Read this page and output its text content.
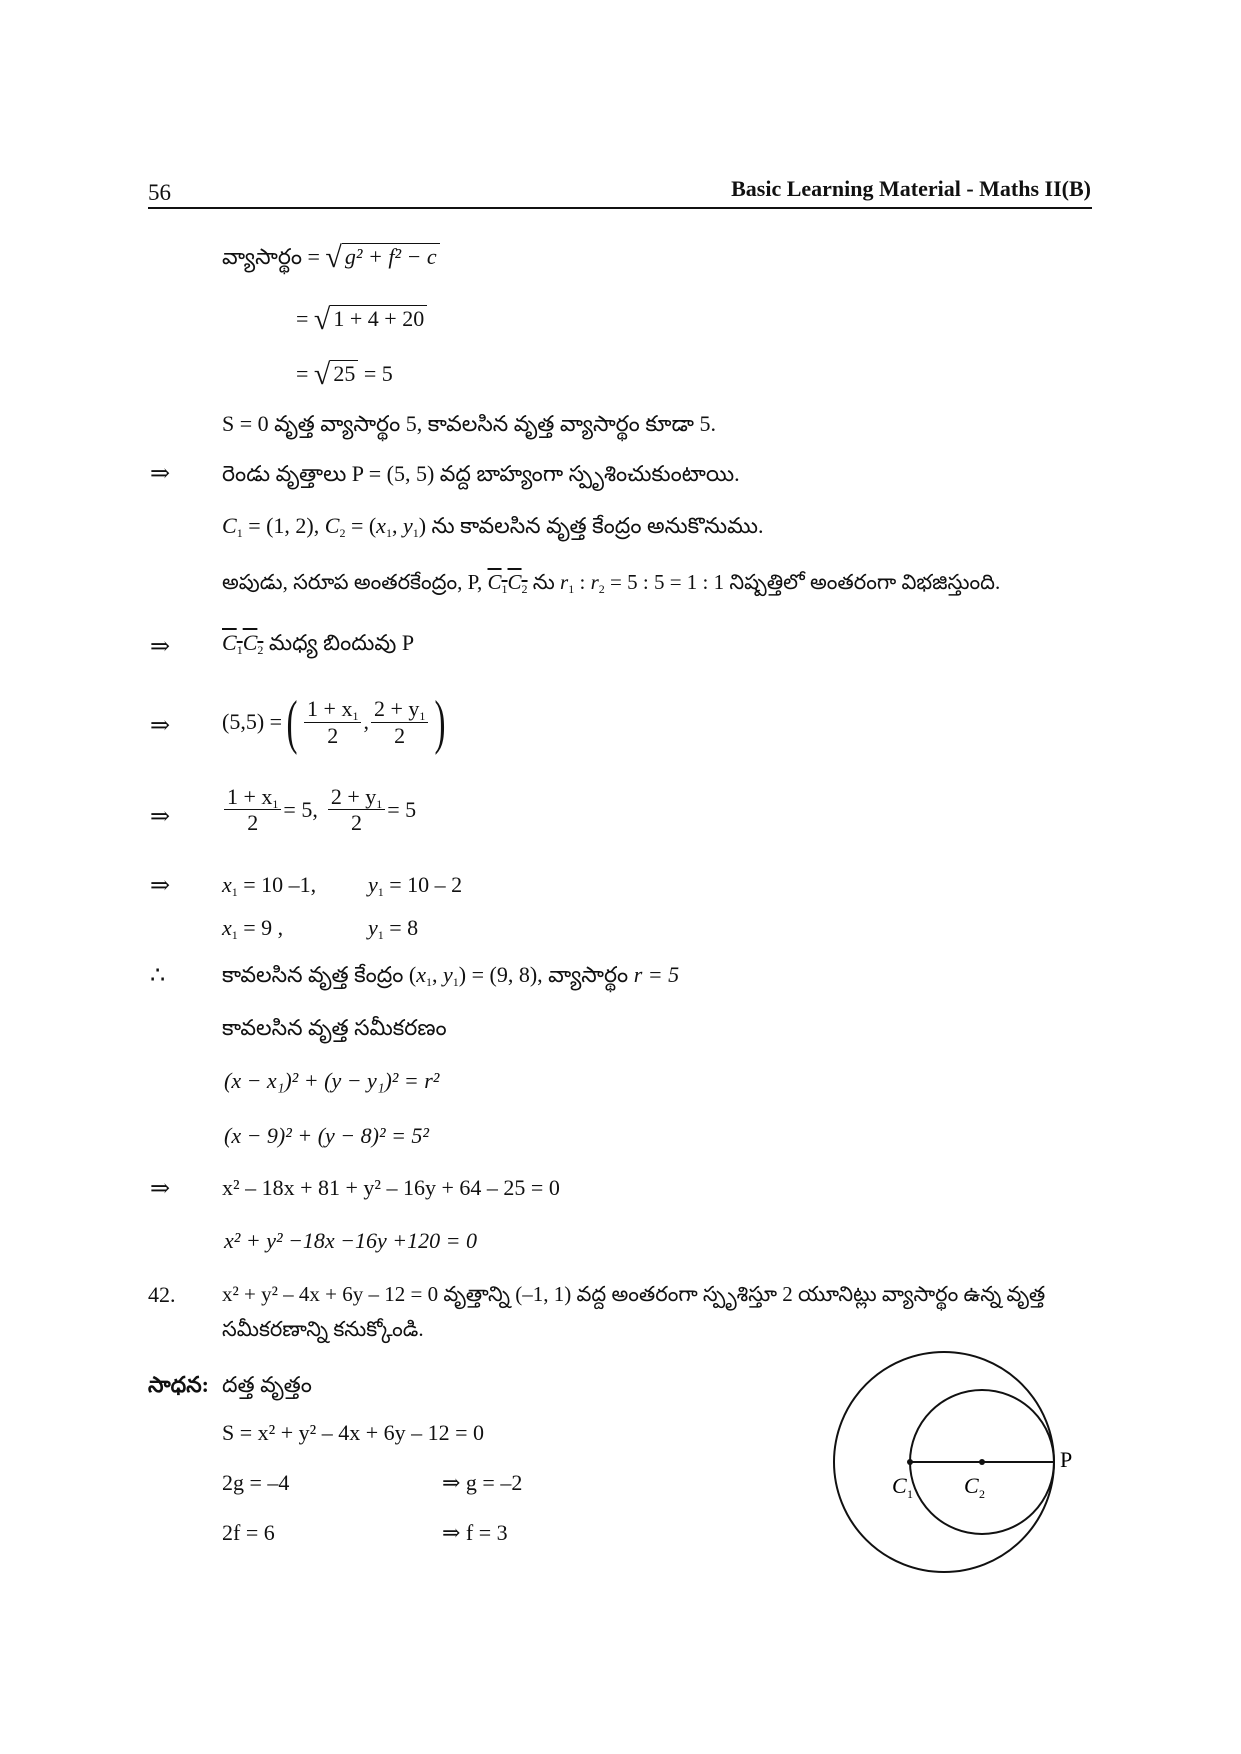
56	Basic Learning Material - Maths II(B)
వ్యాసార్థం = √ g² + f² − c
= √ 1 + 4 + 20
= √ 25 = 5
S = 0 వృత్త వ్యాసార్థం 5, కావలసిన వృత్త వ్యాసార్థం కూడా 5.
⇒ రెండు వృత్తాలు P = (5, 5) వద్ద బాహ్యంగా స్పృశించుకుంటాయి.
$C_1 = (1$, 2), $C_2 = (x_1$, $y_1$) ను కావలసిన వృత్త కేంద్రం అనుకొనుము.
అపుడు, సరూప అంతరకేంద్రం, P, $C_1C_2$ ను $r_1$ : $r_2 = 5$ : 5 = 1 : 1 నిష్పత్తిలో అంతరంగా విభజిస్తుంది.
⇒ $C_1C_2$ మధ్య బిందువు P
⇒ (5,5) = ( $\frac{1 + x_1}{2}$ , $\frac{2 + y_1}{2}$ )
⇒ $\frac{1 + x_1}{2} = 5$, $\frac{2 + y_1}{2} = 5$
⇒ $x_1 = 10$ –1, $y_1 = 10 - 2$
$x_1 = 9$ ,	$y_1 = 8$
∴	కావలసిన వృత్త కేంద్రం ($x_1$, $y_1) = (9$, 8), వ్యాసార్థం r = 5
కావలసిన వృత్త సమీకరణం
(x − x₁)² + (y − y₁)² = r²
(x − 9)² + (y − 8)² = 5²
⇒ x² – 18x + 81 + y² – 16y + 64 – 25 = 0
x² + y² −18x −16y +120 = 0
42. x² + y² – 4x + 6y – 12 = 0 వృత్తాన్ని (–1, 1) వద్ద అంతరంగా స్పృశిస్తూ 2 యూనిట్లు వ్యాసార్థం ఉన్న వృత్త
సమీకరణాన్ని కనుక్కోండి.
సాధన: దత్త వృత్తం
S = x² + y² – 4x + 6y – 12 = 0
2g = –4	⇒ g = –2
2f = 6	⇒ f = 3
P
C 1 C 2
